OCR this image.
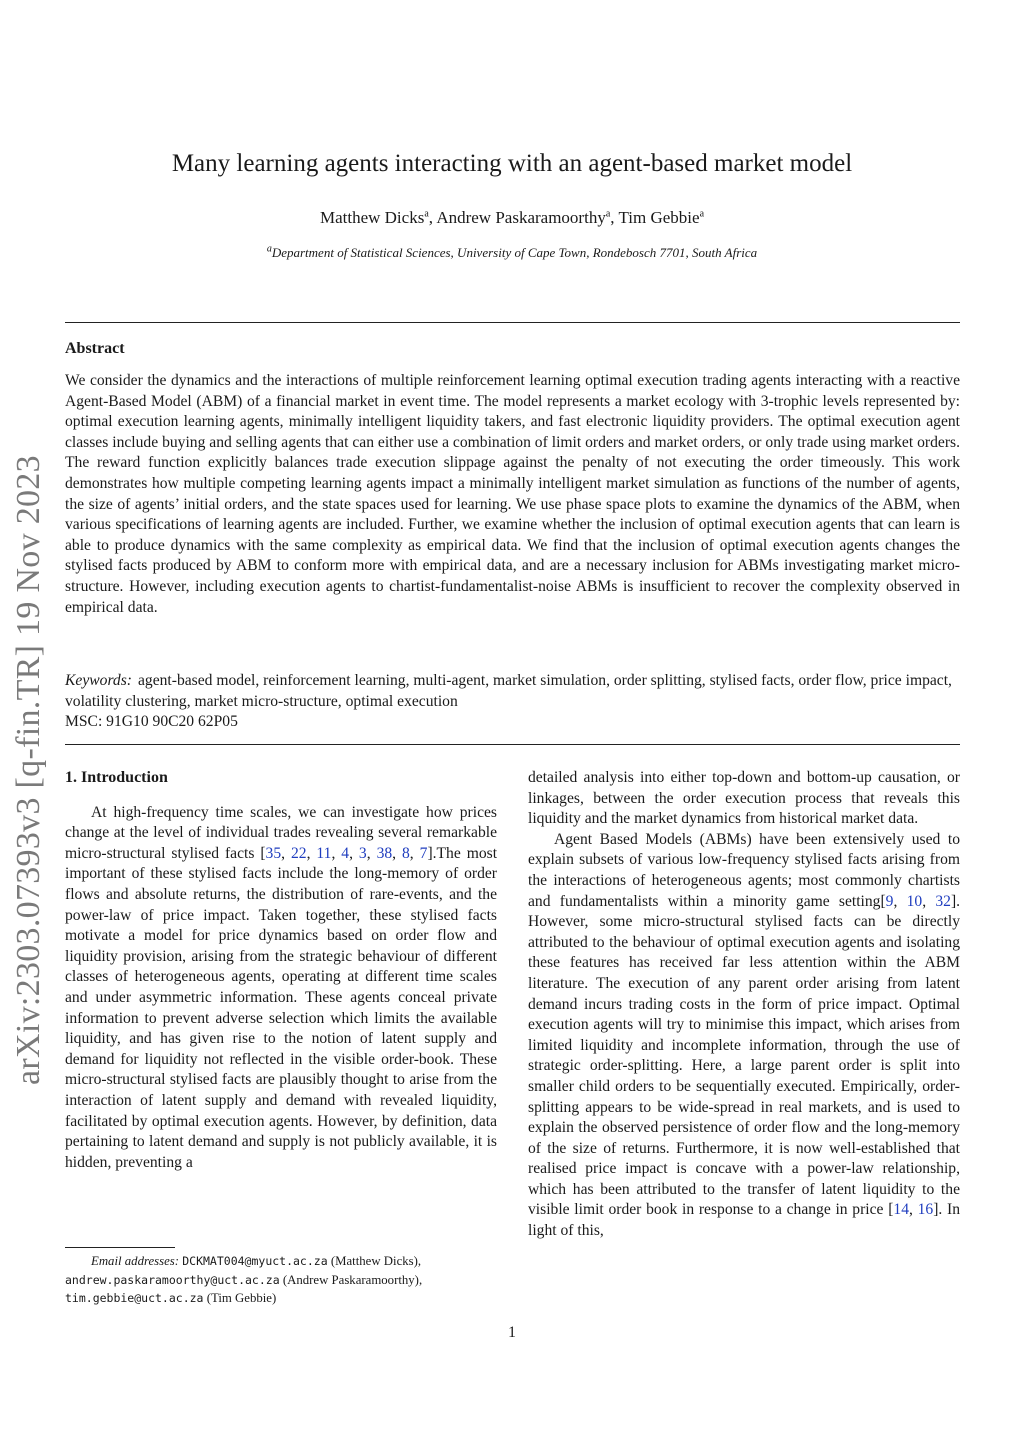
arXiv:2303.07393v3 [q-fin.TR] 19 Nov 2023
Many learning agents interacting with an agent-based market model
Matthew Dicks$^a$, Andrew Paskaramoorthy$^a$, Tim Gebbie$^a$
$^a$Department of Statistical Sciences, University of Cape Town, Rondebosch 7701, South Africa
Abstract

We consider the dynamics and the interactions of multiple reinforcement learning optimal execution trading agents interacting with a reactive Agent-Based Model (ABM) of a financial market in event time. The model represents a market ecology with 3-trophic levels represented by: optimal execution learning agents, minimally intelligent liquidity takers, and fast electronic liquidity providers. The optimal execution agent classes include buying and selling agents that can either use a combination of limit orders and market orders, or only trade using market orders. The reward function explicitly balances trade execution slippage against the penalty of not executing the order timeously. This work demonstrates how multiple competing learning agents impact a minimally intelligent market simulation as functions of the number of agents, the size of agents’ initial orders, and the state spaces used for learning. We use phase space plots to examine the dynamics of the ABM, when various specifications of learning agents are included. Further, we examine whether the inclusion of optimal execution agents that can learn is able to produce dynamics with the same complexity as empirical data. We find that the inclusion of optimal execution agents changes the stylised facts produced by ABM to conform more with empirical data, and are a necessary inclusion for ABMs investigating market micro-structure. However, including execution agents to chartist-fundamentalist-noise ABMs is insufficient to recover the complexity observed in empirical data.

Keywords: agent-based model, reinforcement learning, multi-agent, market simulation, order splitting, stylised facts, order flow, price impact, volatility clustering, market micro-structure, optimal execution

MSC: 91G10 90C20 62P05

1. Introduction

At high-frequency time scales, we can investigate how prices change at the level of individual trades revealing several remarkable micro-structural stylised facts [35, 22, 11, 4, 3, 38, 8, 7].The most important of these stylised facts include the long-memory of order flows and absolute returns, the distribution of rare-events, and the power-law of price impact. Taken together, these stylised facts motivate a model for price dynamics based on order flow and liquidity provision, arising from the strategic behaviour of different classes of heterogeneous agents, operating at different time scales and under asymmetric information. These agents conceal private information to prevent adverse selection which limits the available liquidity, and has given rise to the notion of latent supply and demand for liquidity not reflected in the visible order-book. These micro-structural stylised facts are plausibly thought to arise from the interaction of latent supply and demand with revealed liquidity, facilitated by optimal execution agents. However, by definition, data pertaining to latent demand and supply is not publicly available, it is hidden, preventing a

detailed analysis into either top-down and bottom-up causation, or linkages, between the order execution process that reveals this liquidity and the market dynamics from historical market data.

Agent Based Models (ABMs) have been extensively used to explain subsets of various low-frequency stylised facts arising from the interactions of heterogeneous agents; most commonly chartists and fundamentalists within a minority game setting[9, 10, 32]. However, some micro-structural stylised facts can be directly attributed to the behaviour of optimal execution agents and isolating these features has received far less attention within the ABM literature. The execution of any parent order arising from latent demand incurs trading costs in the form of price impact. Optimal execution agents will try to minimise this impact, which arises from limited liquidity and incomplete information, through the use of strategic order-splitting. Here, a large parent order is split into smaller child orders to be sequentially executed. Empirically, order-splitting appears to be wide-spread in real markets, and is used to explain the observed persistence of order flow and the long-memory of the size of returns. Furthermore, it is now well-established that realised price impact is concave with a power-law relationship, which has been attributed to the transfer of latent liquidity to the visible limit order book in response to a change in price [14, 16]. In light of this,

Email addresses: DCKMAT004@myuct.ac.za (Matthew Dicks),

andrew.paskaramoorthy@uct.ac.za (Andrew Paskaramoorthy),

tim.gebbie@uct.ac.za (Tim Gebbie)

1
